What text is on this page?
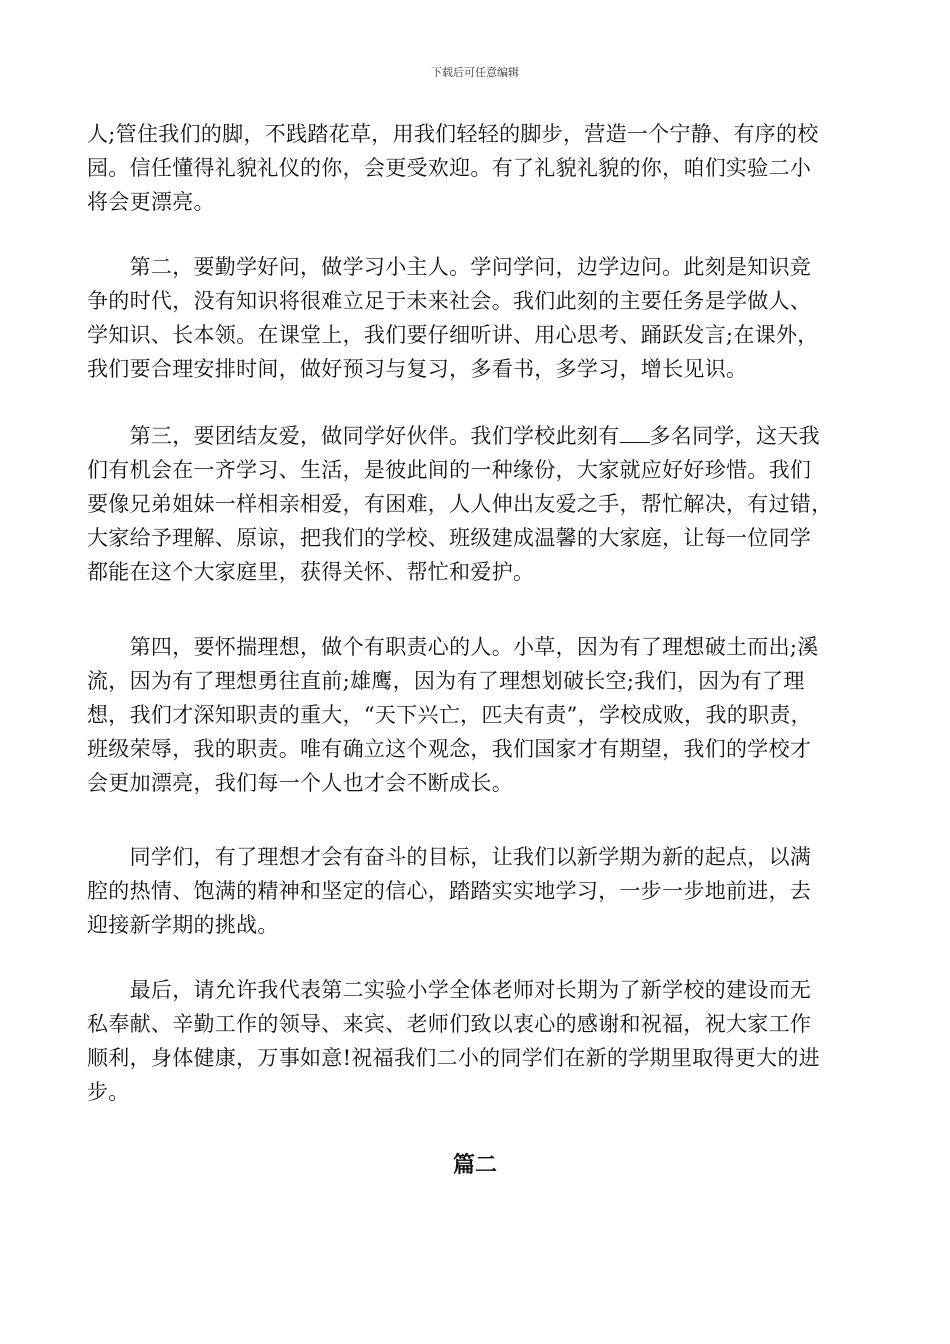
下载后可任意编辑

人;管住我们的脚，不践踏花草，用我们轻轻的脚步，营造一个宁静、有序的校
园。信任懂得礼貌礼仪的你，会更受欢迎。有了礼貌礼貌的你，咱们实验二小
将会更漂亮。

　　第二，要勤学好问，做学习小主人。学问学问，边学边问。此刻是知识竞
争的时代，没有知识将很难立足于未来社会。我们此刻的主要任务是学做人、
学知识、长本领。在课堂上，我们要仔细听讲、用心思考、踊跃发言;在课外，
我们要合理安排时间，做好预习与复习，多看书，多学习，增长见识。

　　第三，要团结友爱，做同学好伙伴。我们学校此刻有 多名同学，这天我
们有机会在一齐学习、生活，是彼此间的一种缘份，大家就应好好珍惜。我们
要像兄弟姐妹一样相亲相爱，有困难，人人伸出友爱之手，帮忙解决，有过错，
大家给予理解、原谅，把我们的学校、班级建成温馨的大家庭，让每一位同学
都能在这个大家庭里，获得关怀、帮忙和爱护。

　　第四，要怀揣理想，做个有职责心的人。小草，因为有了理想破土而出;溪
流，因为有了理想勇往直前;雄鹰，因为有了理想划破长空;我们，因为有了理
想，我们才深知职责的重大，“天下兴亡，匹夫有责”，学校成败，我的职责，
班级荣辱，我的职责。唯有确立这个观念，我们国家才有期望，我们的学校才
会更加漂亮，我们每一个人也才会不断成长。

　　同学们，有了理想才会有奋斗的目标，让我们以新学期为新的起点，以满
腔的热情、饱满的精神和坚定的信心，踏踏实实地学习，一步一步地前进，去
迎接新学期的挑战。

　　最后，请允许我代表第二实验小学全体老师对长期为了新学校的建设而无
私奉献、辛勤工作的领导、来宾、老师们致以衷心的感谢和祝福，祝大家工作
顺利，身体健康，万事如意!祝福我们二小的同学们在新的学期里取得更大的进
步。

篇二
